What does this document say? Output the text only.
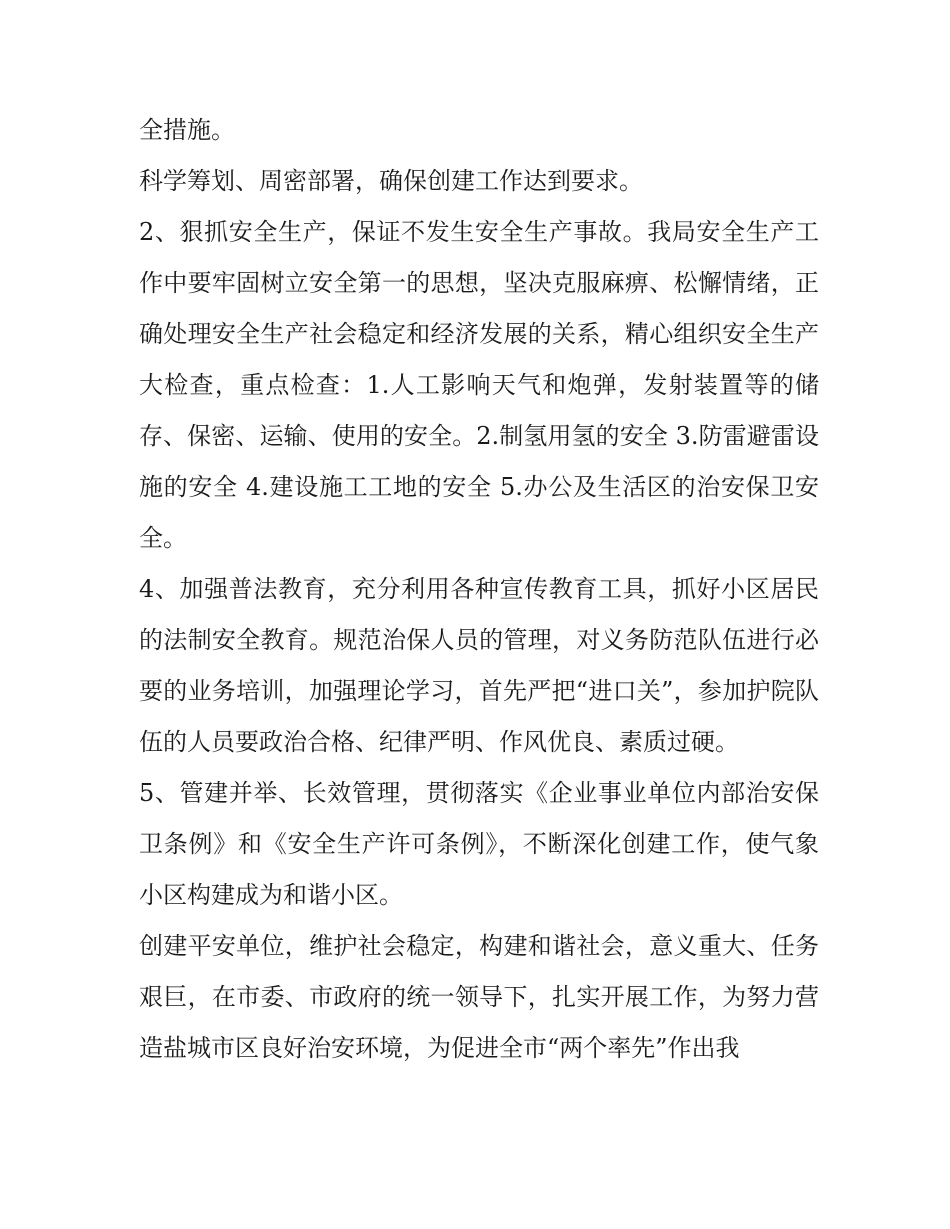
全措施。

科学筹划、周密部署，确保创建工作达到要求。

2、狠抓安全生产，保证不发生安全生产事故。我局安全生产工作中要牢固树立安全第一的思想，坚决克服麻痹、松懈情绪，正确处理安全生产社会稳定和经济发展的关系，精心组织安全生产大检查，重点检查：1.人工影响天气和炮弹，发射装置等的储存、保密、运输、使用的安全。2.制氢用氢的安全 3.防雷避雷设施的安全 4.建设施工工地的安全 5.办公及生活区的治安保卫安全。

4、加强普法教育，充分利用各种宣传教育工具，抓好小区居民的法制安全教育。规范治保人员的管理，对义务防范队伍进行必要的业务培训，加强理论学习，首先严把“进口关”，参加护院队伍的人员要政治合格、纪律严明、作风优良、素质过硬。

5、管建并举、长效管理，贯彻落实《企业事业单位内部治安保卫条例》和《安全生产许可条例》，不断深化创建工作，使气象小区构建成为和谐小区。

创建平安单位，维护社会稳定，构建和谐社会，意义重大、任务艰巨，在市委、市政府的统一领导下，扎实开展工作，为努力营造盐城市区良好治安环境，为促进全市“两个率先”作出我
